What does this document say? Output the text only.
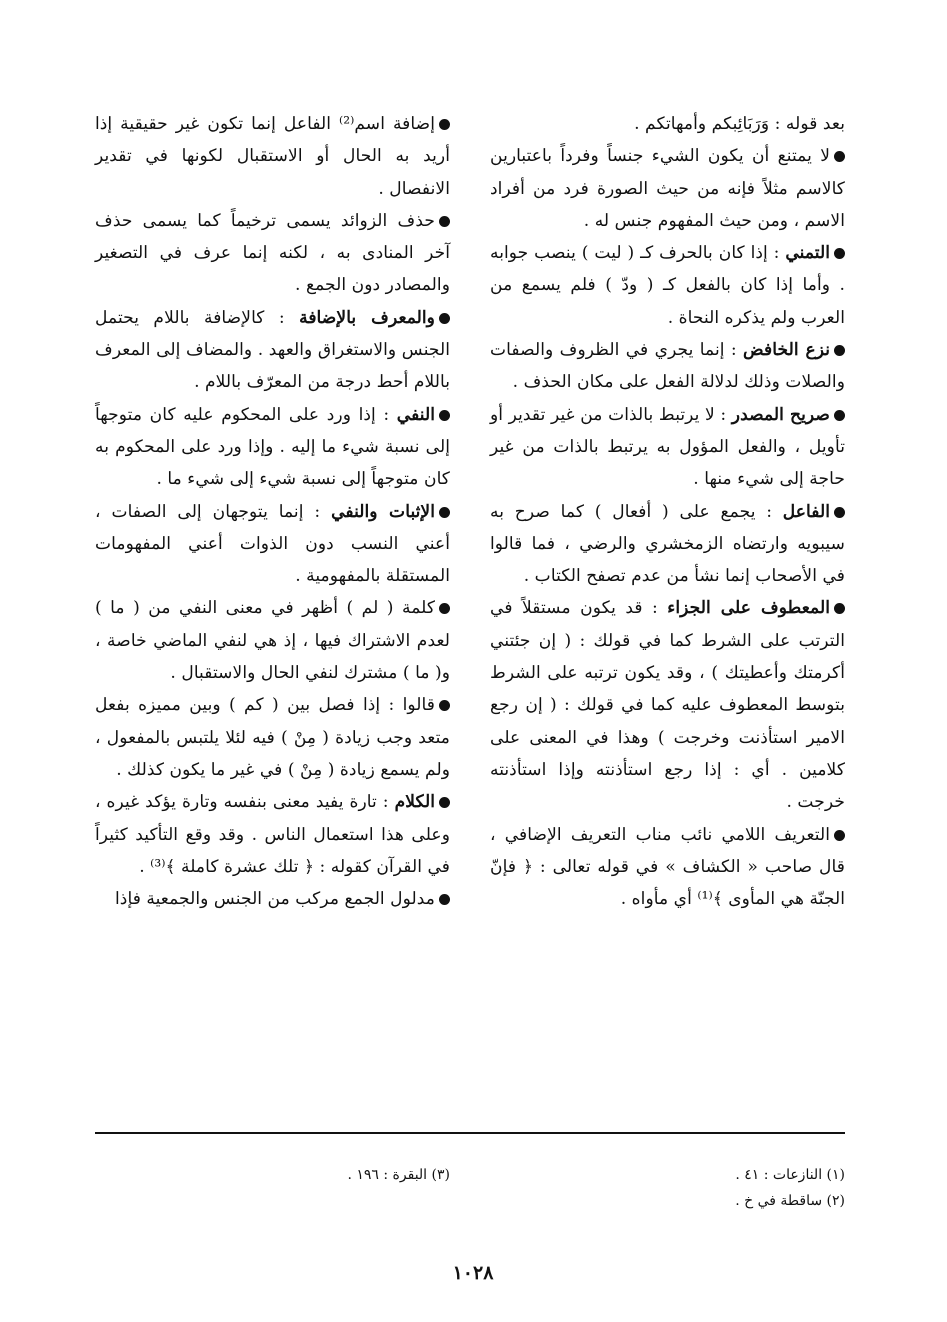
بعد قوله : وَرَبَائِبكم وأمهاتكم .

لا يمتنع أن يكون الشيء جنساً وفرداً باعتبارين كالاسم مثلاً فإنه من حيث الصورة فرد من أفراد الاسم ، ومن حيث المفهوم جنس له .

التمني : إذا كان بالحرف كـ ( ليت ) ينصب جوابه . وأما إذا كان بالفعل كـ ( ودّ ) فلم يسمع من العرب ولم يذكره النحاة .

نزع الخافض : إنما يجري في الظروف والصفات والصلات وذلك لدلالة الفعل على مكان الحذف .

صريح المصدر : لا يرتبط بالذات من غير تقدير أو تأويل ، والفعل المؤول به يرتبط بالذات من غير حاجة إلى شيء منها .

الفاعل : يجمع على ( أفعال ) كما صرح به سيبويه وارتضاه الزمخشري والرضي ، فما قالوا في الأصحاب إنما نشأ من عدم تصفح الكتاب .

المعطوف على الجزاء : قد يكون مستقلاً في الترتب على الشرط كما في قولك : ( إن جئتني أكرمتك وأعطيتك ) ، وقد يكون ترتبه على الشرط بتوسط المعطوف عليه كما في قولك : ( إن رجع الامير استأذنت وخرجت ) وهذا في المعنى على كلامين . أي : إذا رجع استأذنته وإذا استأذنته خرجت .

التعريف اللامي نائب مناب التعريف الإضافي ، قال صاحب « الكشاف » في قوله تعالى : ﴿ فإنّ الجنّة هي المأوى ﴾⁽¹⁾ أي مأواه .

إضافة اسم⁽²⁾ الفاعل إنما تكون غير حقيقية إذا أريد به الحال أو الاستقبال لكونها في تقدير الانفصال .

حذف الزوائد يسمى ترخيماً كما يسمى حذف آخر المنادى به ، لكنه إنما عرف في التصغير والمصادر دون الجمع .

والمعرف بالإضافة : كالإضافة باللام يحتمل الجنس والاستغراق والعهد . والمضاف إلى المعرف باللام أحط درجة من المعرّف باللام .

النفي : إذا ورد على المحكوم عليه كان متوجهاً إلى نسبة شيء ما إليه . وإذا ورد على المحكوم به كان متوجهاً إلى نسبة شيء إلى شيء ما .

الإثبات والنفي : إنما يتوجهان إلى الصفات ، أعني النسب دون الذوات أعني المفهومات المستقلة بالمفهومية .

كلمة ( لم ) أظهر في معنى النفي من ( ما ) لعدم الاشتراك فيها ، إذ هي لنفي الماضي خاصة ، و( ما ) مشترك لنفي الحال والاستقبال .

قالوا : إذا فصل بين ( كم ) وبين مميزه بفعل متعد وجب زيادة ( مِنْ ) فيه لئلا يلتبس بالمفعول ، ولم يسمع زيادة ( مِنْ ) في غير ما يكون كذلك .

الكلام : تارة يفيد معنى بنفسه وتارة يؤكد غيره ، وعلى هذا استعمال الناس . وقد وقع التأكيد كثيراً في القرآن كقوله : ﴿ تلك عشرة كاملة ﴾⁽³⁾ .

مدلول الجمع مركب من الجنس والجمعية فإذا

(١) النازعات : ٤١ .

(٢) ساقطة في خ .

(٣) البقرة : ١٩٦ .

١٠٢٨
